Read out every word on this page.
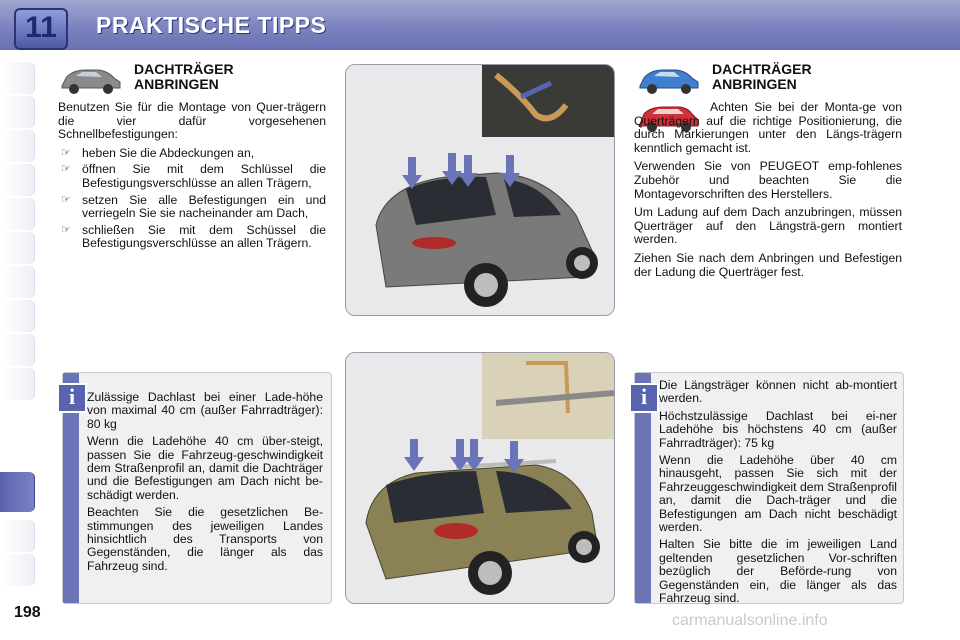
11	PRAKTISCHE TIPPS
DACHTRÄGER
ANBRINGEN

Benutzen Sie für die Montage von Quer-trägern die vier dafür vorgesehenen Schnellbefestigungen:

☞ heben Sie die Abdeckungen an,
☞ öffnen Sie mit dem Schlüssel die Befestigungsverschlüsse an allen Trägern,
☞ setzen Sie alle Befestigungen ein und verriegeln Sie sie nacheinander am Dach,
☞ schließen Sie mit dem Schüssel die Befestigungsverschlüsse an allen Trägern.
DACHTRÄGER
ANBRINGEN

Achten Sie bei der Monta-ge von Querträgern auf die richtige Positionierung, die durch Markierungen unter den Längs-trägern kenntlich gemacht ist.

Verwenden Sie von PEUGEOT emp-fohlenes Zubehör und beachten Sie die Montagevorschriften des Herstellers.

Um Ladung auf dem Dach anzubringen, müssen Querträger auf den Längsträ-gern montiert werden.

Ziehen Sie nach dem Anbringen und Befestigen der Ladung die Querträger fest.

i Zulässige Dachlast bei einer Lade-höhe von maximal 40 cm (außer Fahrradträger): 80 kg

Wenn die Ladehöhe 40 cm über-steigt, passen Sie die Fahrzeug-geschwindigkeit dem Straßenprofil an, damit die Dachträger und die Befestigungen am Dach nicht be-schädigt werden.

Beachten Sie die gesetzlichen Be-stimmungen des jeweiligen Landes hinsichtlich des Transports von Gegenständen, die länger als das Fahrzeug sind.

i Die Längsträger können nicht ab-montiert werden.

Höchstzulässige Dachlast bei ei-ner Ladehöhe bis höchstens 40 cm (außer Fahrradträger): 75 kg

Wenn die Ladehöhe über 40 cm hinausgeht, passen Sie sich mit der Fahrzeuggeschwindigkeit dem Straßenprofil an, damit die Dach-träger und die Befestigungen am Dach nicht beschädigt werden.

Halten Sie bitte die im jeweiligen Land geltenden gesetzlichen Vor-schriften bezüglich der Beförde-rung von Gegenständen ein, die länger als das Fahrzeug sind.

198	carmanualsonline.info
